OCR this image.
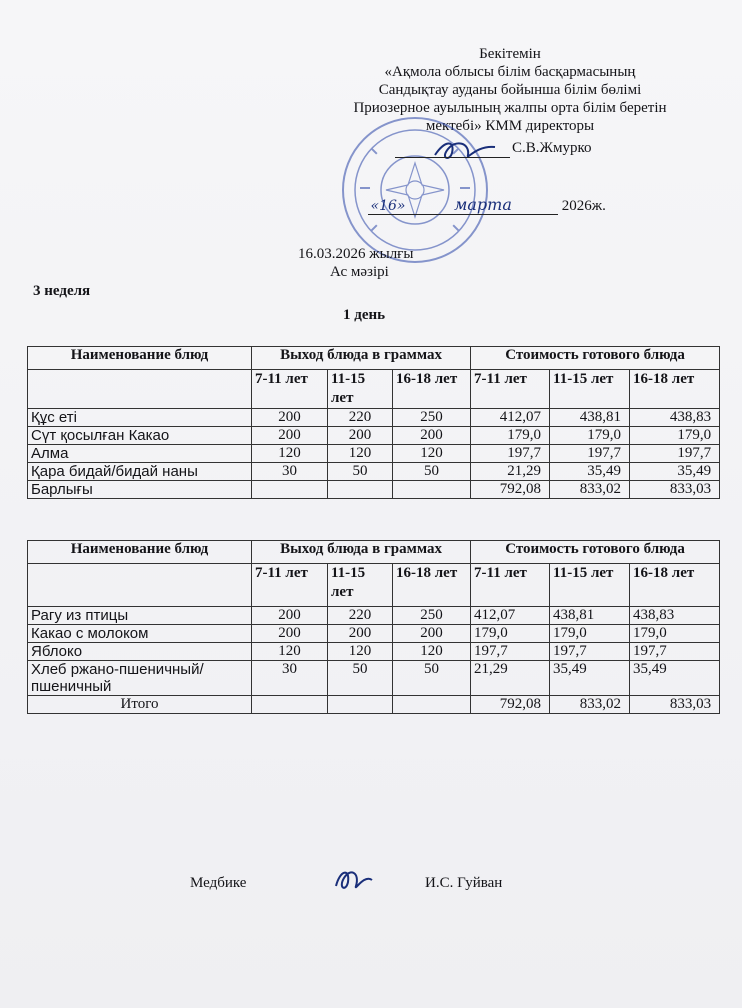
Бекітемін
«Ақмола облысы білім басқармасының
Сандықтау ауданы бойынша білім бөлімі
Приозерное ауылының жалпы орта білім беретін
мектебі» КММ директоры
С.В.Жмурко
«16»	марта	2026ж.
16.03.2026 жылғы
Ас мәзірі
3 неделя
1 день
Наименование блюд	Выход блюда в граммах			Стоимость готового блюда		
	7-11 лет	11-15 лет	16-18 лет	7-11 лет	11-15 лет	16-18 лет
Құс еті	200	220	250	412,07	438,81	438,83
Сүт қосылған Какао	200	200	200	179,0	179,0	179,0
Алма	120	120	120	197,7	197,7	197,7
Қара бидай/бидай наны	30	50	50	21,29	35,49	35,49
Барлығы				792,08	833,02	833,03
Наименование блюд	Выход блюда в граммах			Стоимость готового блюда		
	7-11 лет	11-15 лет	16-18 лет	7-11 лет	11-15 лет	16-18 лет
Рагу из птицы	200	220	250	412,07	438,81	438,83
Какао с молоком	200	200	200	179,0	179,0	179,0
Яблоко	120	120	120	197,7	197,7	197,7
Хлеб ржано-пшеничный/пшеничный	30	50	50	21,29	35,49	35,49
Итого				792,08	833,02	833,03
Медбике	И.С. Гуйван
